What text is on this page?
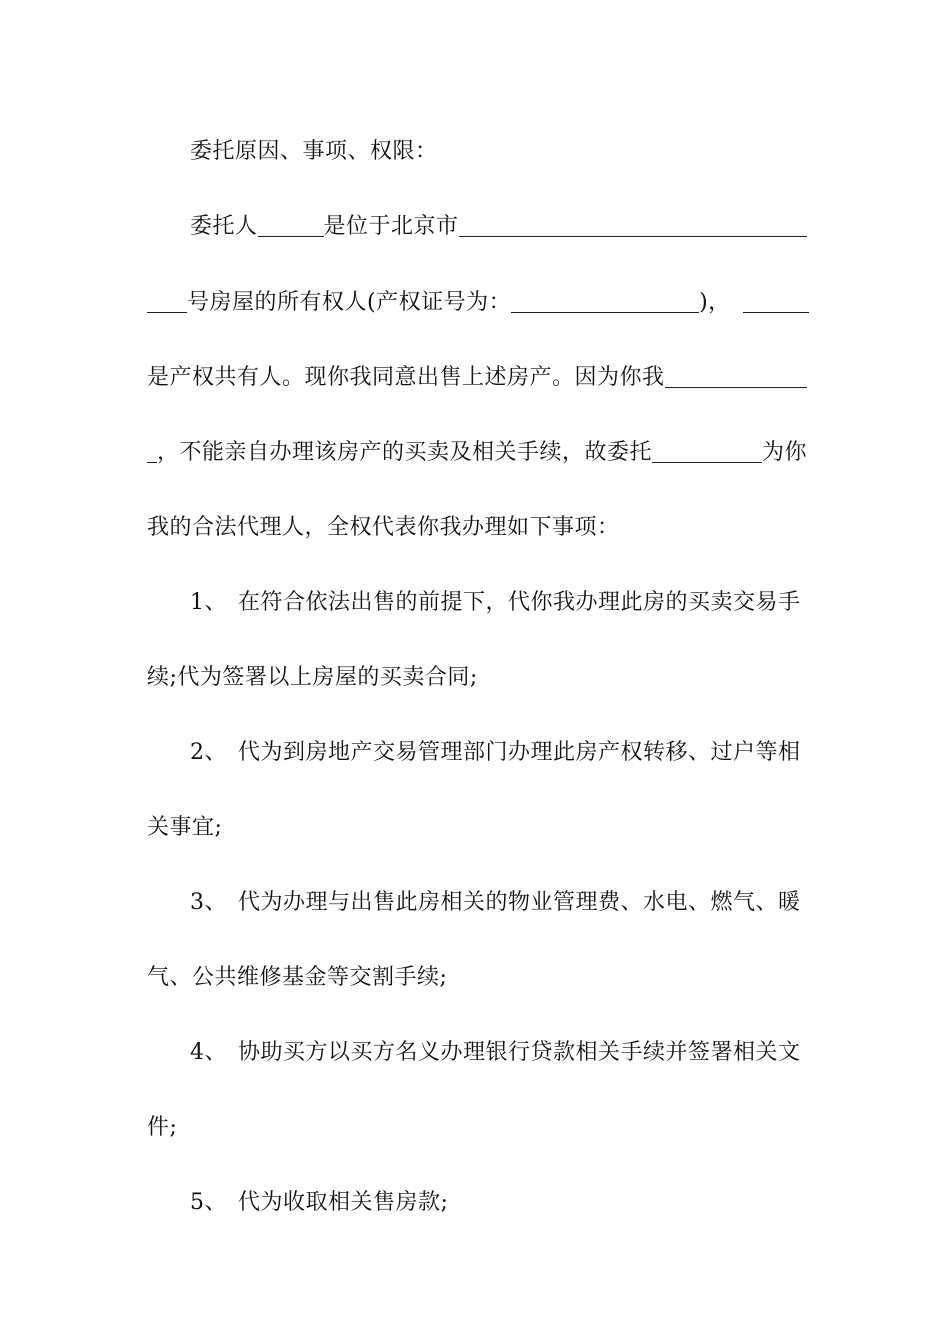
委托原因、事项、权限：
委托人	是位于北京市
号房屋的所有权人(产权证号为：	)，
是产权共有人。现你我同意出售上述房产。因为你我
，不能亲自办理该房产的买卖及相关手续，故委托	为你
我的合法代理人，全权代表你我办理如下事项：
1、 在符合依法出售的前提下，代你我办理此房的买卖交易手
续;代为签署以上房屋的买卖合同;
2、 代为到房地产交易管理部门办理此房产权转移、过户等相
关事宜;
3、 代为办理与出售此房相关的物业管理费、水电、燃气、暖
气、公共维修基金等交割手续;
4、 协助买方以买方名义办理银行贷款相关手续并签署相关文
件;
5、 代为收取相关售房款;
